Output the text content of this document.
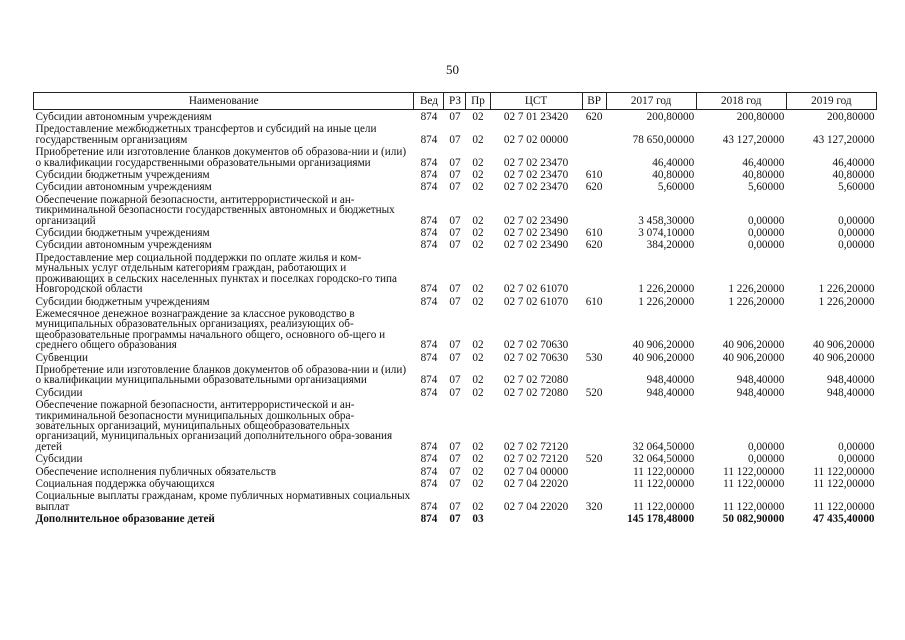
50
Наименование	Вед	РЗ	Пр	ЦСТ	ВР	2017 год	2018 год	2019 год
Субсидии автономным учреждениям	874	07	02	02 7 01 23420	620	200,80000	200,80000	200,80000
Предоставление межбюджетных трансфертов и субсидий на иные цели государственным организациям	874	07	02	02 7 02 00000		78 650,00000	43 127,20000	43 127,20000
Приобретение или изготовление бланков документов об образова-нии и (или) о квалификации государственными образовательными организациями	874	07	02	02 7 02 23470		46,40000	46,40000	46,40000
Субсидии бюджетным учреждениям	874	07	02	02 7 02 23470	610	40,80000	40,80000	40,80000
Субсидии автономным учреждениям	874	07	02	02 7 02 23470	620	5,60000	5,60000	5,60000
Обеспечение пожарной безопасности, антитеррористической и ан-тикриминальной безопасности государственных автономных и бюджетных организаций	874	07	02	02 7 02 23490		3 458,30000	0,00000	0,00000
Субсидии бюджетным учреждениям	874	07	02	02 7 02 23490	610	3 074,10000	0,00000	0,00000
Субсидии автономным учреждениям	874	07	02	02 7 02 23490	620	384,20000	0,00000	0,00000
Предоставление мер социальной поддержки по оплате жилья и ком-мунальных услуг отдельным категориям граждан, работающих и проживающих в сельских населенных пунктах и поселках городско-го типа Новгородской области	874	07	02	02 7 02 61070		1 226,20000	1 226,20000	1 226,20000
Субсидии бюджетным учреждениям	874	07	02	02 7 02 61070	610	1 226,20000	1 226,20000	1 226,20000
Ежемесячное денежное вознаграждение за классное руководство в муниципальных образовательных организациях, реализующих об-щеобразовательные программы начального общего, основного об-щего и среднего общего образования	874	07	02	02 7 02 70630		40 906,20000	40 906,20000	40 906,20000
Субвенции	874	07	02	02 7 02 70630	530	40 906,20000	40 906,20000	40 906,20000
Приобретение или изготовление бланков документов об образова-нии и (или) о квалификации муниципальными образовательными организациями	874	07	02	02 7 02 72080		948,40000	948,40000	948,40000
Субсидии	874	07	02	02 7 02 72080	520	948,40000	948,40000	948,40000
Обеспечение пожарной безопасности, антитеррористической и ан-тикриминальной безопасности муниципальных дошкольных обра-зовательных организаций, муниципальных общеобразовательных организаций, муниципальных организаций дополнительного обра-зования детей	874	07	02	02 7 02 72120		32 064,50000	0,00000	0,00000
Субсидии	874	07	02	02 7 02 72120	520	32 064,50000	0,00000	0,00000
Обеспечение исполнения публичных обязательств	874	07	02	02 7 04 00000		11 122,00000	11 122,00000	11 122,00000
Социальная поддержка обучающихся	874	07	02	02 7 04 22020		11 122,00000	11 122,00000	11 122,00000
Социальные выплаты гражданам, кроме публичных нормативных социальных выплат	874	07	02	02 7 04 22020	320	11 122,00000	11 122,00000	11 122,00000
Дополнительное образование детей	874	07	03			145 178,48000	50 082,90000	47 435,40000
